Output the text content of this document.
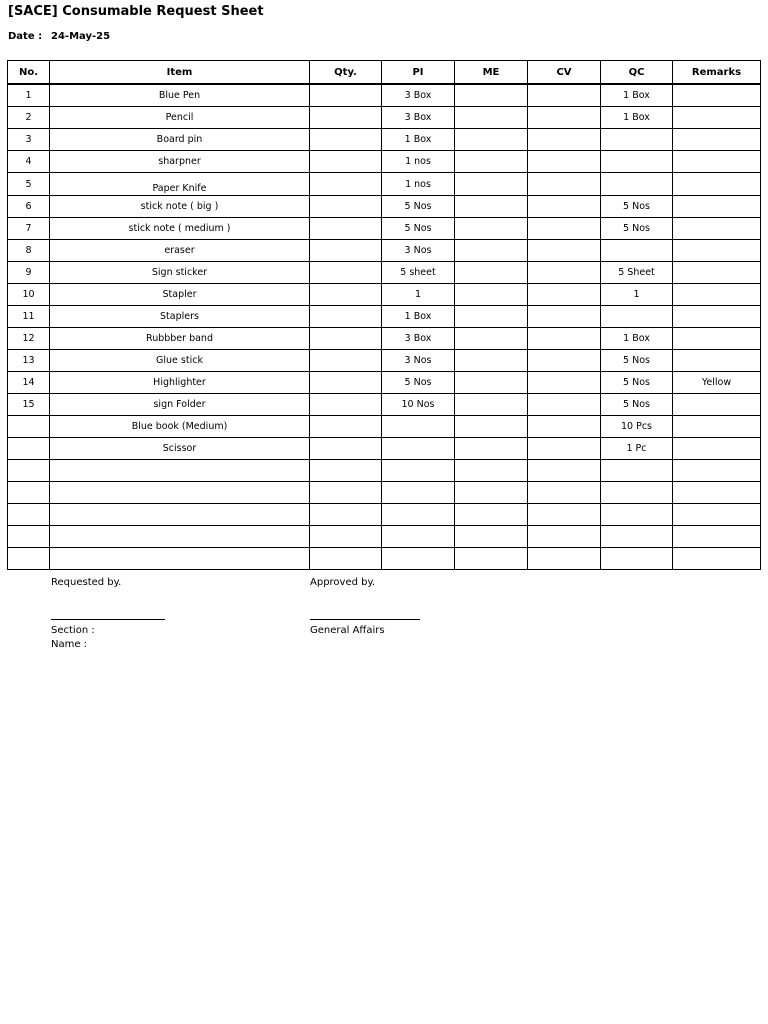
[SACE] Consumable Request Sheet
Date : 24-May-25
No.	Item	Qty.	PI	ME	CV	QC	Remarks
1	Blue Pen		3 Box			1 Box	
2	Pencil		3 Box			1 Box	
3	Board pin		1 Box				
4	sharpner		1 nos				
5	Paper Knife		1 nos				
6	stick note ( big )		5 Nos			5 Nos	
7	stick note ( medium )		5 Nos			5 Nos	
8	eraser		3 Nos				
9	Sign sticker		5 sheet			5 Sheet	
10	Stapler		1			1	
11	Staplers		1 Box				
12	Rubbber band		3 Box			1 Box	
13	Glue stick		3 Nos			5 Nos	
14	Highlighter		5 Nos			5 Nos	Yellow
15	sign Folder		10 Nos			5 Nos	
	Blue book (Medium)					10 Pcs	
	Scissor					1 Pc	

Requested by.	Approved by.
Section :	General Affairs
Name :
